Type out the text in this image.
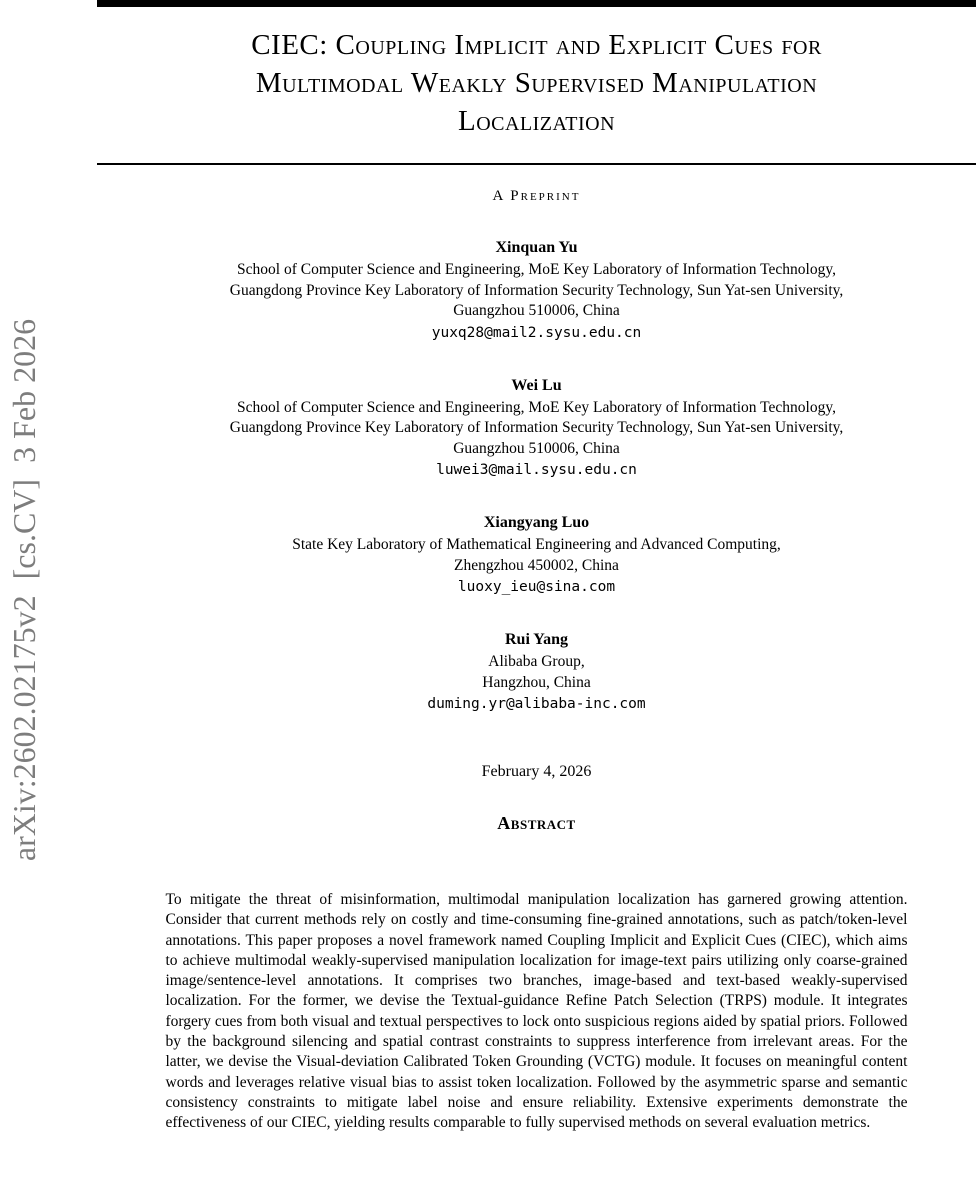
arXiv:2602.02175v2  [cs.CV]  3 Feb 2026
CIEC: Coupling Implicit and Explicit Cues for
Multimodal Weakly Supervised Manipulation
Localization
A Preprint
Xinquan Yu
School of Computer Science and Engineering, MoE Key Laboratory of Information Technology,
Guangdong Province Key Laboratory of Information Security Technology, Sun Yat-sen University,
Guangzhou 510006, China
yuxq28@mail2.sysu.edu.cn
Wei Lu
School of Computer Science and Engineering, MoE Key Laboratory of Information Technology,
Guangdong Province Key Laboratory of Information Security Technology, Sun Yat-sen University,
Guangzhou 510006, China
luwei3@mail.sysu.edu.cn
Xiangyang Luo
State Key Laboratory of Mathematical Engineering and Advanced Computing,
Zhengzhou 450002, China
luoxy_ieu@sina.com
Rui Yang
Alibaba Group,
Hangzhou, China
duming.yr@alibaba-inc.com
February 4, 2026
Abstract

To mitigate the threat of misinformation, multimodal manipulation localization has garnered growing attention. Consider that current methods rely on costly and time-consuming fine-grained annotations, such as patch/token-level annotations. This paper proposes a novel framework named Coupling Implicit and Explicit Cues (CIEC), which aims to achieve multimodal weakly-supervised manipulation localization for image-text pairs utilizing only coarse-grained image/sentence-level annotations. It comprises two branches, image-based and text-based weakly-supervised localization. For the former, we devise the Textual-guidance Refine Patch Selection (TRPS) module. It integrates forgery cues from both visual and textual perspectives to lock onto suspicious regions aided by spatial priors. Followed by the background silencing and spatial contrast constraints to suppress interference from irrelevant areas. For the latter, we devise the Visual-deviation Calibrated Token Grounding (VCTG) module. It focuses on meaningful content words and leverages relative visual bias to assist token localization. Followed by the asymmetric sparse and semantic consistency constraints to mitigate label noise and ensure reliability. Extensive experiments demonstrate the effectiveness of our CIEC, yielding results comparable to fully supervised methods on several evaluation metrics.
